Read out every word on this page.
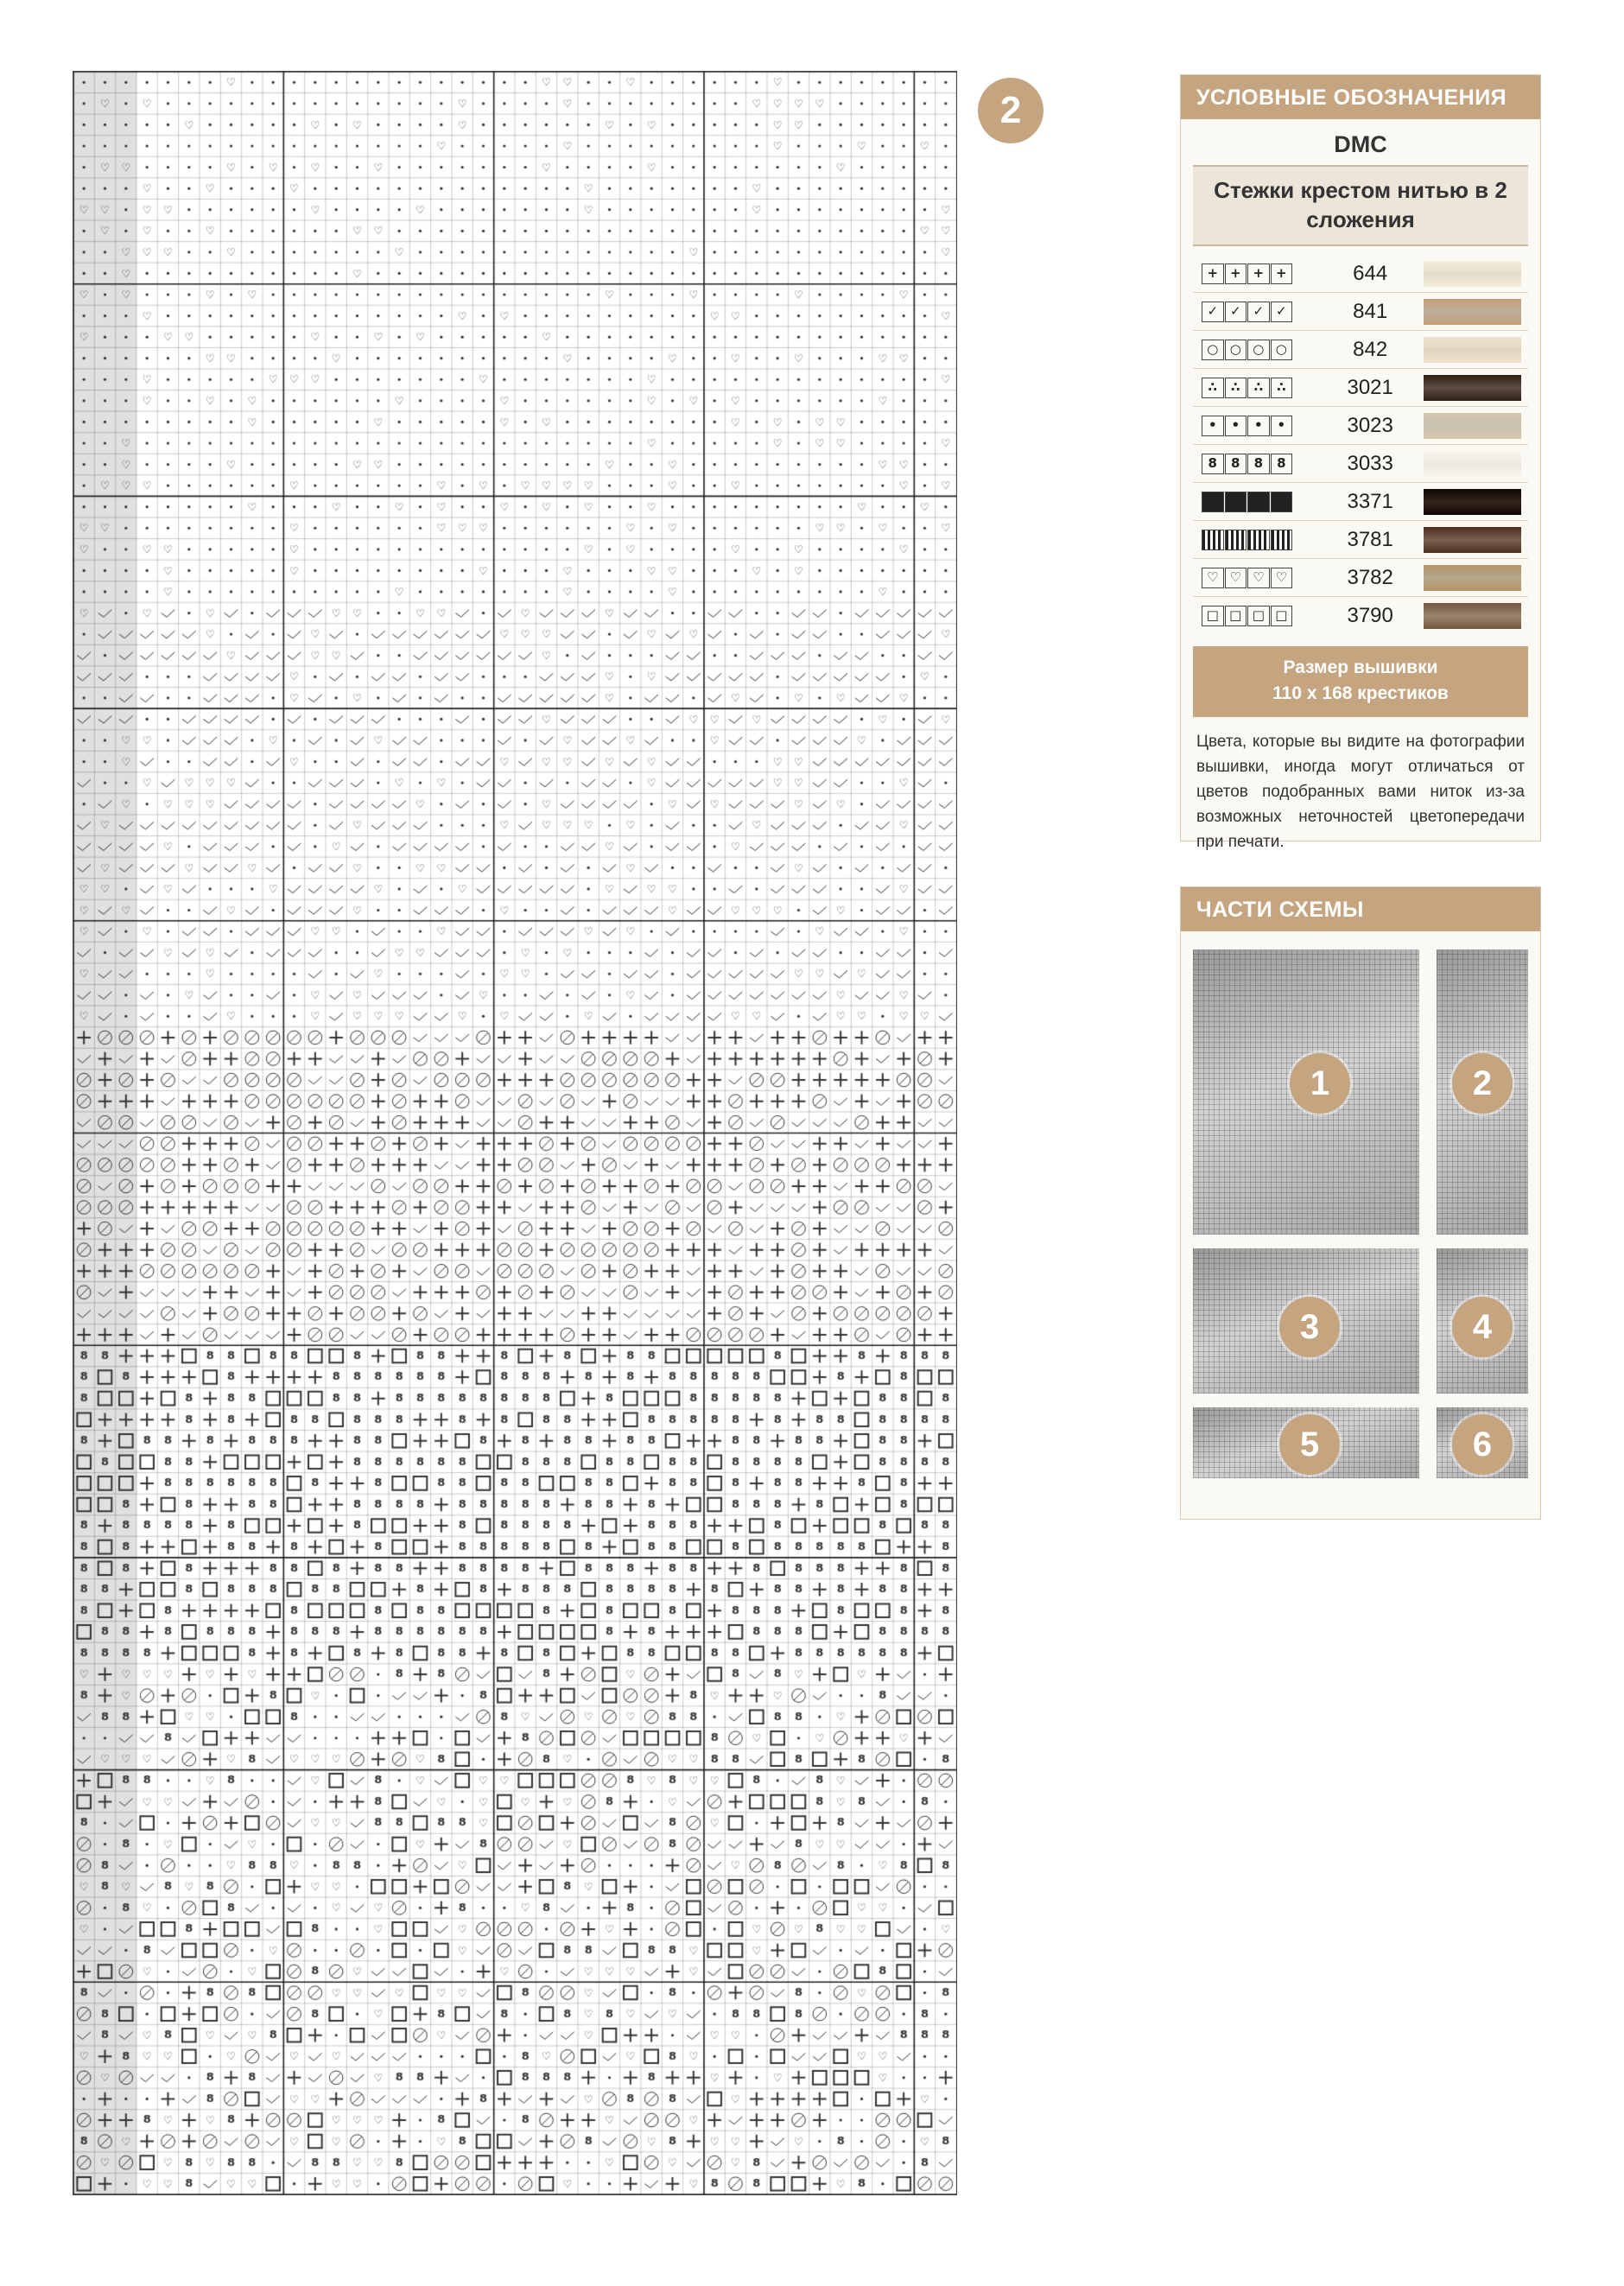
2	УСЛОВНЫЕ ОБОЗНАЧЕНИЯ
DMC
Стежки крестом нитью в 2 сложения
+ + + +	644
✓ ✓ ✓ ✓	841
○ ○ ○ ○	842
∴	∴	∴	∴	3021
•	•	•	•	3023
8	8	8	8	3033
3371
3781
♡ ♡ ♡ ♡	3782
□ □ □ □	3790
Размер вышивки
110 х 168 крестиков
Цвета, которые вы видите на фотографии вышивки, иногда могут отличаться от цветов подобранных вами ниток из-за возможных неточностей цветопередачи при печати.
ЧАСТИ СХЕМЫ
1	2
3	4
5	6
